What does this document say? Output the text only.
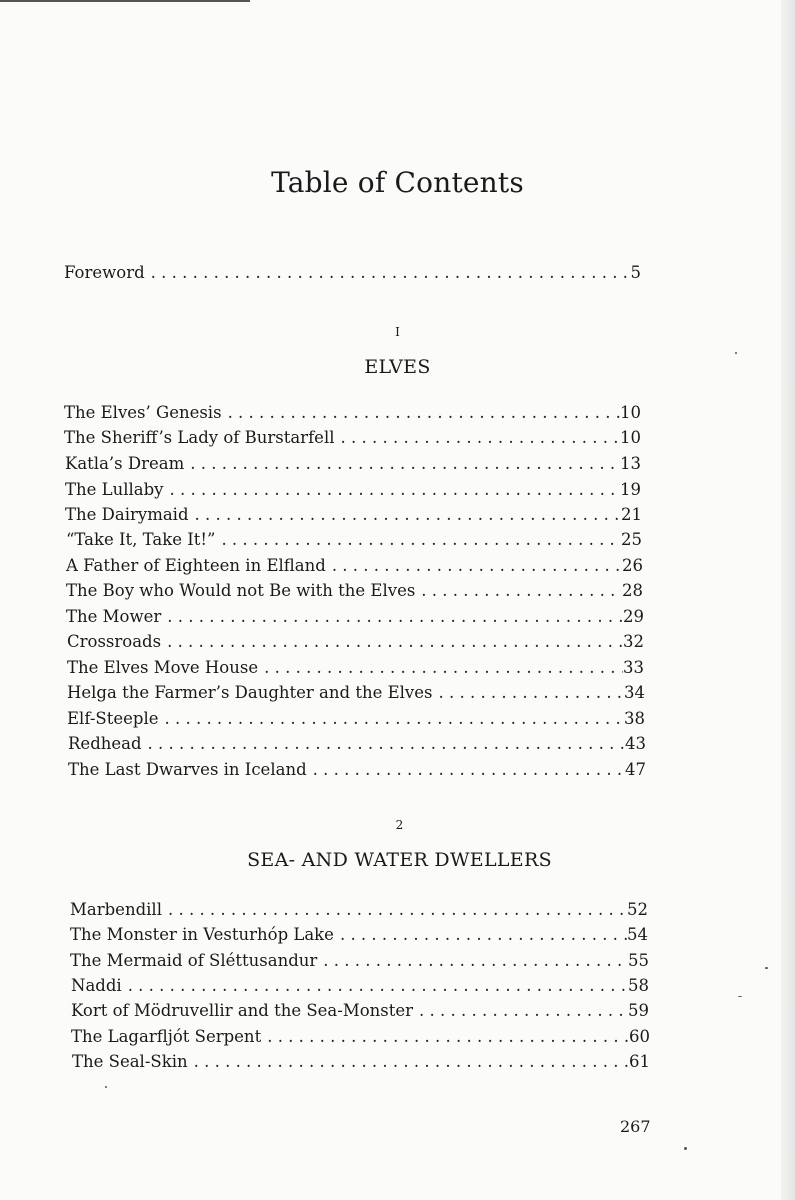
Table of Contents
Foreword . . .	5
I
ELVES
The Elves’ Genesis . . .	10
The Sheriff’s Lady of Burstarfell . . .	10
Katla’s Dream . . .	13
The Lullaby . . .	19
The Dairymaid . . .	21
“Take It, Take It!” . . .	25
A Father of Eighteen in Elfland . . .	26
The Boy who Would not Be with the Elves . . .	28
The Mower . . .	29
Crossroads . . .	32
The Elves Move House . . .	33
Helga the Farmer’s Daughter and the Elves . . .	34
Elf-Steeple . . .	38
Redhead . . .	43
The Last Dwarves in Iceland . . .	47
2
SEA- AND WATER DWELLERS
Marbendill . . .	52
The Monster in Vesturhóp Lake . . .	54
The Mermaid of Sléttusandur . . .	55
Naddi . . .	58
Kort of Mödruvellir and the Sea-Monster . . .	59
The Lagarfljót Serpent . . .	60
The Seal-Skin . . .	61
267
